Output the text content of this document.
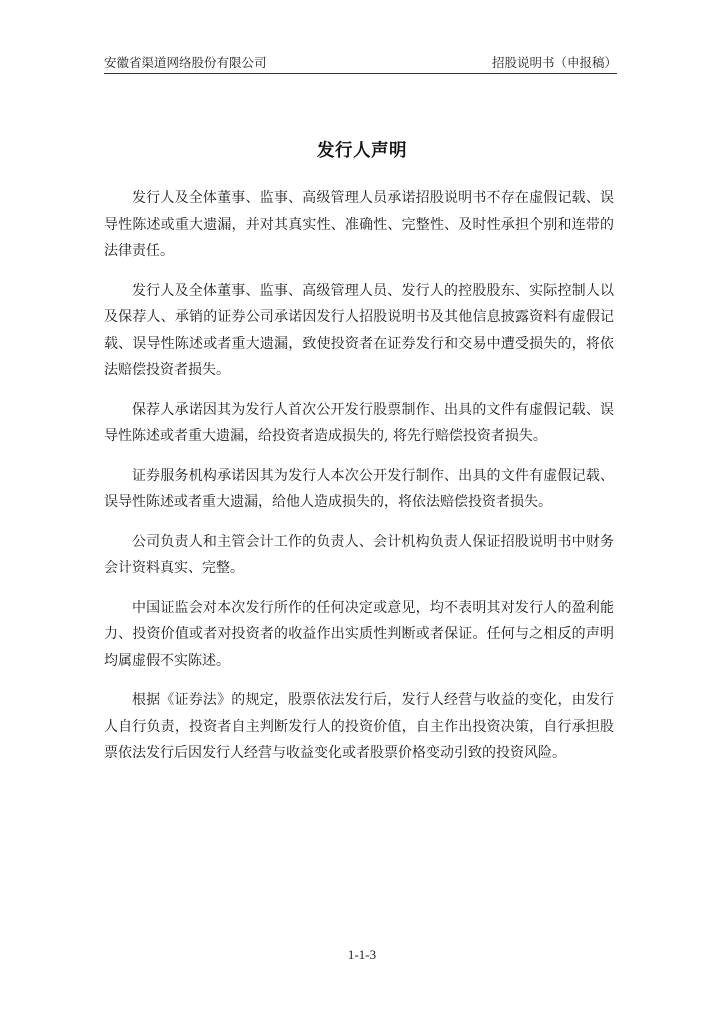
安徽省渠道网络股份有限公司	招股说明书（申报稿）
发行人声明

发行人及全体董事、监事、高级管理人员承诺招股说明书不存在虚假记载、误导性陈述或重大遗漏，并对其真实性、准确性、完整性、及时性承担个别和连带的法律责任。

发行人及全体董事、监事、高级管理人员、发行人的控股股东、实际控制人以及保荐人、承销的证券公司承诺因发行人招股说明书及其他信息披露资料有虚假记载、误导性陈述或者重大遗漏，致使投资者在证券发行和交易中遭受损失的，将依法赔偿投资者损失。

保荐人承诺因其为发行人首次公开发行股票制作、出具的文件有虚假记载、误导性陈述或者重大遗漏，给投资者造成损失的, 将先行赔偿投资者损失。

证券服务机构承诺因其为发行人本次公开发行制作、出具的文件有虚假记载、误导性陈述或者重大遗漏，给他人造成损失的，将依法赔偿投资者损失。

公司负责人和主管会计工作的负责人、会计机构负责人保证招股说明书中财务会计资料真实、完整。

中国证监会对本次发行所作的任何决定或意见，均不表明其对发行人的盈利能力、投资价值或者对投资者的收益作出实质性判断或者保证。任何与之相反的声明均属虚假不实陈述。

根据《证券法》的规定，股票依法发行后，发行人经营与收益的变化，由发行人自行负责，投资者自主判断发行人的投资价值，自主作出投资决策，自行承担股票依法发行后因发行人经营与收益变化或者股票价格变动引致的投资风险。

1-1-3
